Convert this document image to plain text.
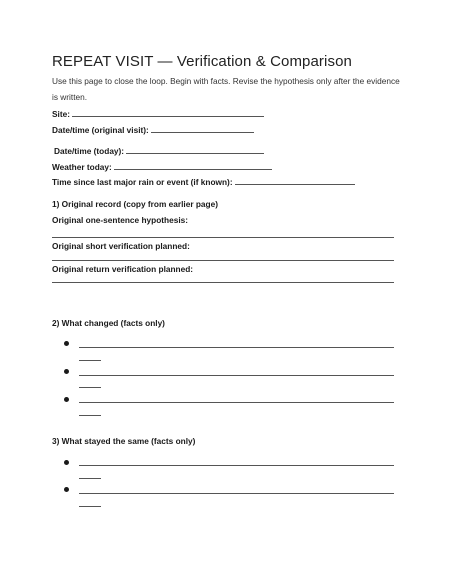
REPEAT VISIT — Verification & Comparison
Use this page to close the loop. Begin with facts. Revise the hypothesis only after the evidence
is written.
Site:
Date/time (original visit):
Date/time (today):
Weather today:
Time since last major rain or event (if known):
1) Original record (copy from earlier page)
Original one-sentence hypothesis:
Original short verification planned:
Original return verification planned:
2) What changed (facts only)
3) What stayed the same (facts only)
